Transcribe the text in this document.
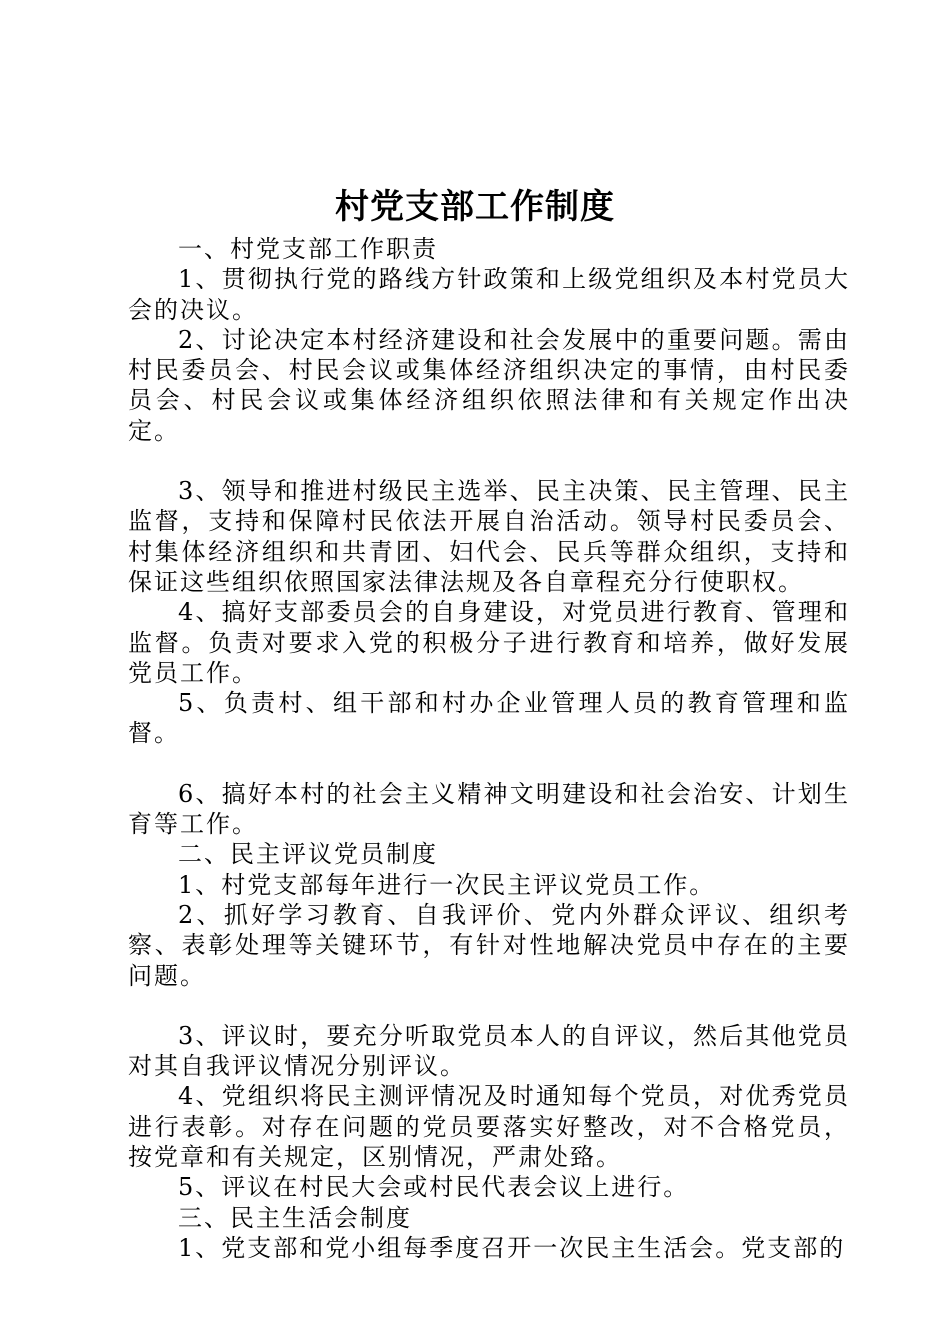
村党支部工作制度

一、村党支部工作职责

1、贯彻执行党的路线方针政策和上级党组织及本村党员大会的决议。

2、讨论决定本村经济建设和社会发展中的重要问题。需由村民委员会、村民会议或集体经济组织决定的事情，由村民委员会、村民会议或集体经济组织依照法律和有关规定作出决定。

3、领导和推进村级民主选举、民主决策、民主管理、民主监督，支持和保障村民依法开展自治活动。领导村民委员会、村集体经济组织和共青团、妇代会、民兵等群众组织，支持和保证这些组织依照国家法律法规及各自章程充分行使职权。

4、搞好支部委员会的自身建设，对党员进行教育、管理和监督。负责对要求入党的积极分子进行教育和培养，做好发展党员工作。

5、负责村、组干部和村办企业管理人员的教育管理和监督。

6、搞好本村的社会主义精神文明建设和社会治安、计划生育等工作。

二、民主评议党员制度

1、村党支部每年进行一次民主评议党员工作。

2、抓好学习教育、自我评价、党内外群众评议、组织考察、表彰处理等关键环节，有针对性地解决党员中存在的主要问题。

3、评议时，要充分听取党员本人的自评议，然后其他党员对其自我评议情况分别评议。

4、党组织将民主测评情况及时通知每个党员，对优秀党员进行表彰。对存在问题的党员要落实好整改，对不合格党员，按党章和有关规定，区别情况，严肃处臵。

5、评议在村民大会或村民代表会议上进行。

三、民主生活会制度

1、党支部和党小组每季度召开一次民主生活会。党支部的
